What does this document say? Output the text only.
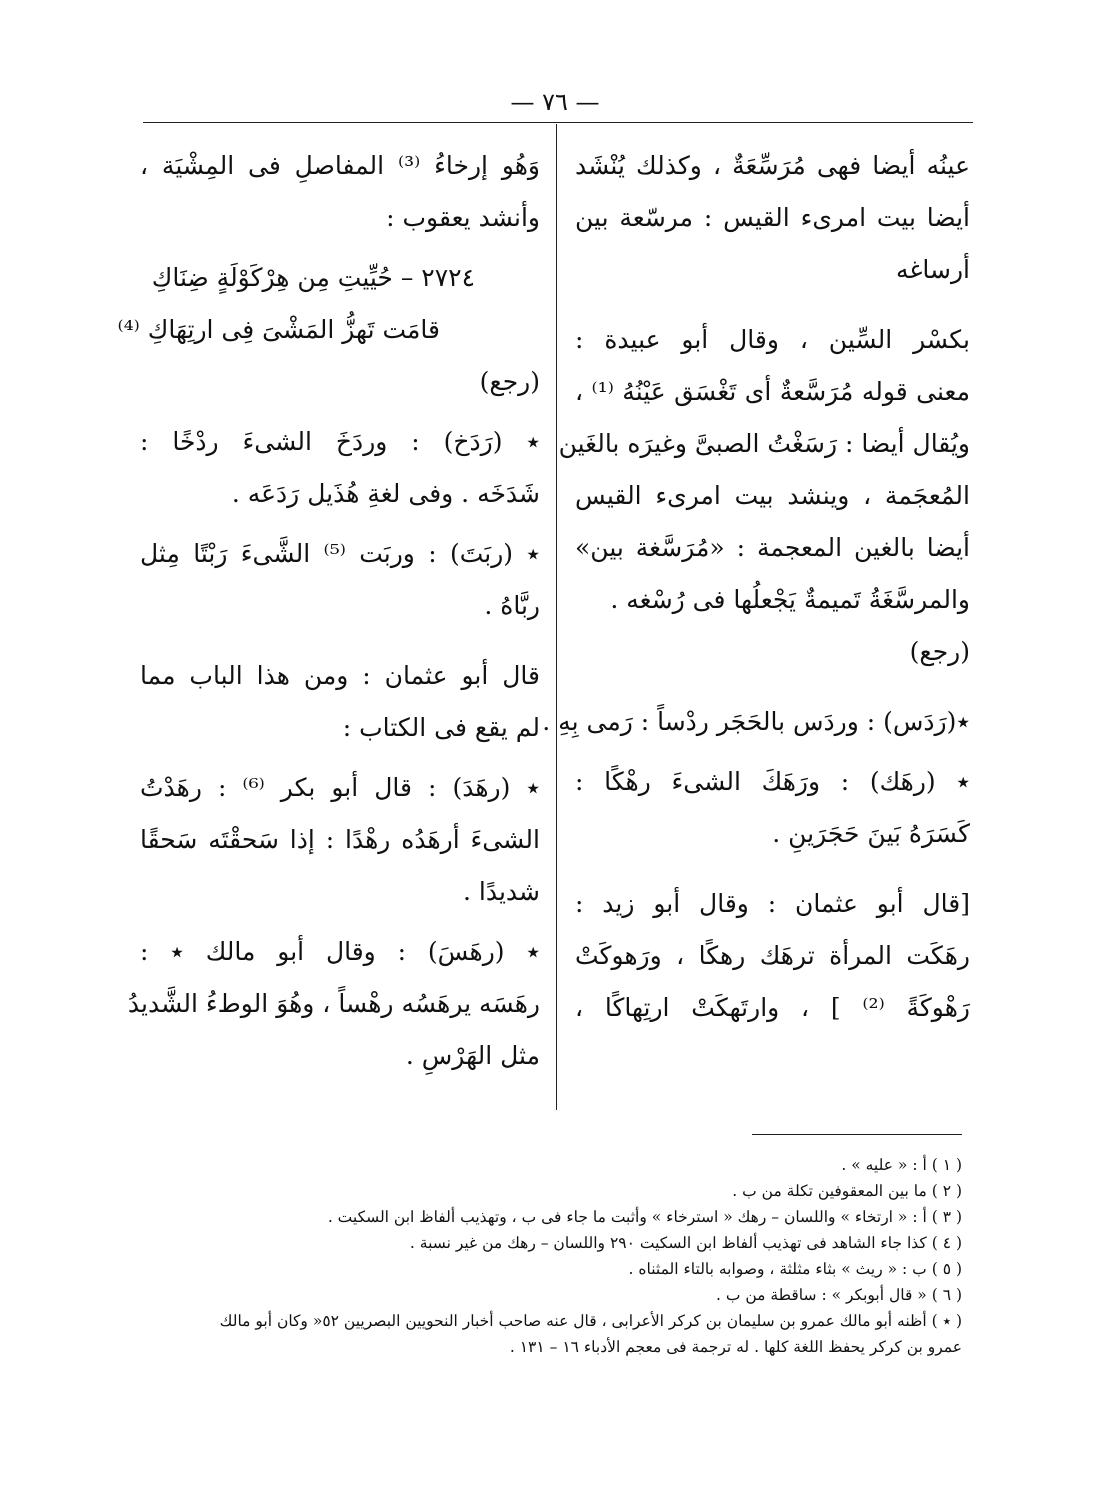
— ٧٦ —
عينُه أيضا فهى مُرَسِّعَةٌ ، وكذلك يُنْشَد
أيضا بيت امرىء القيس : مرسّعة بين
أرساغه
بكسْر السِّين ، وقال أبو عبيدة :
معنى قوله مُرَسَّعةٌ أى تَغْسَق عَيْنُهُ ⁽¹⁾ ،
ويُقال أيضا : رَسَغْتُ الصبىَّ وغيرَه بالغَين
المُعجَمة ، وينشد بيت امرىء القيس
أيضا بالغين المعجمة : «مُرَسَّغة بين»
والمرسَّغَةُ تَميمةٌ يَجْعلُها فى رُسْغه .
(رجع)
٭(رَدَس) : وردَس بالحَجَر ردْساً : رَمى بِهِ .
٭ (رهَك) : ورَهَكَ الشىءَ رهْكًا :
كَسَرَهُ بَينَ حَجَرَينِ .
[قال أبو عثمان : وقال أبو زيد :
رهَكَت المرأة ترهَك رهكًا ، ورَهوكَتْ
رَهْوكَةً ⁽²⁾ ] ، وارتَهكَتْ ارتِهاكًا ،
وَهُو إرخاءُ ⁽³⁾ المفاصلِ فى المِشْيَة ،
وأنشد يعقوب :
٢٧٢٤ – حُيِّيتِ مِن هِرْكَوْلَةٍ ضِنَاكِ
قامَت تَهزُّ المَشْىَ فِى ارتِهَاكِ ⁽⁴⁾
(رجع)
٭ (رَدَخ) : وردَخَ الشىءَ ردْخًا :
شَدَخَه . وفى لغةِ هُذَيل رَدَعَه .
٭ (ربَتَ) : وربَت ⁽⁵⁾ الشَّىءَ رَبْتًا مِثل
ربَّاهُ .
قال أبو عثمان : ومن هذا الباب مما
لم يقع فى الكتاب :
٭ (رهَدَ) : قال أبو بكر ⁽⁶⁾ : رهَدْتُ
الشىءَ أرهَدُه رهْدًا : إذا سَحقْتَه سَحقًا
شديدًا .
٭ (رهَسَ) : وقال أبو مالك ٭ :
رهَسَه يرهَسُه رهْساً ، وهُوَ الوطءُ الشَّديدُ
مثل الهَرْسِ .
( ١ ) أ : « عليه » .
( ٢ ) ما بين المعقوفين تكلة من ب .
( ٣ ) أ : « ارتخاء » واللسان – رهك « استرخاء » وأثبت ما جاء فى ب ، وتهذيب ألفاظ ابن السكيت .
( ٤ ) كذا جاء الشاهد فى تهذيب ألفاظ ابن السكيت ٢٩٠ واللسان – رهك من غير نسبة .
( ٥ ) ب : « ريث » بثاء مثلثة ، وصوابه بالتاء المثناه .
( ٦ ) « قال أبوبكر » : ساقطة من ب .
( ٭ ) أظنه أبو مالك عمرو بن سليمان بن كركر الأعرابى ، قال عنه صاحب أخبار النحويين البصريين ٥٢« وكان أبو مالك
عمرو بن كركر يحفظ اللغة كلها . له ترجمة فى معجم الأدباء ١٦ – ١٣١ .
